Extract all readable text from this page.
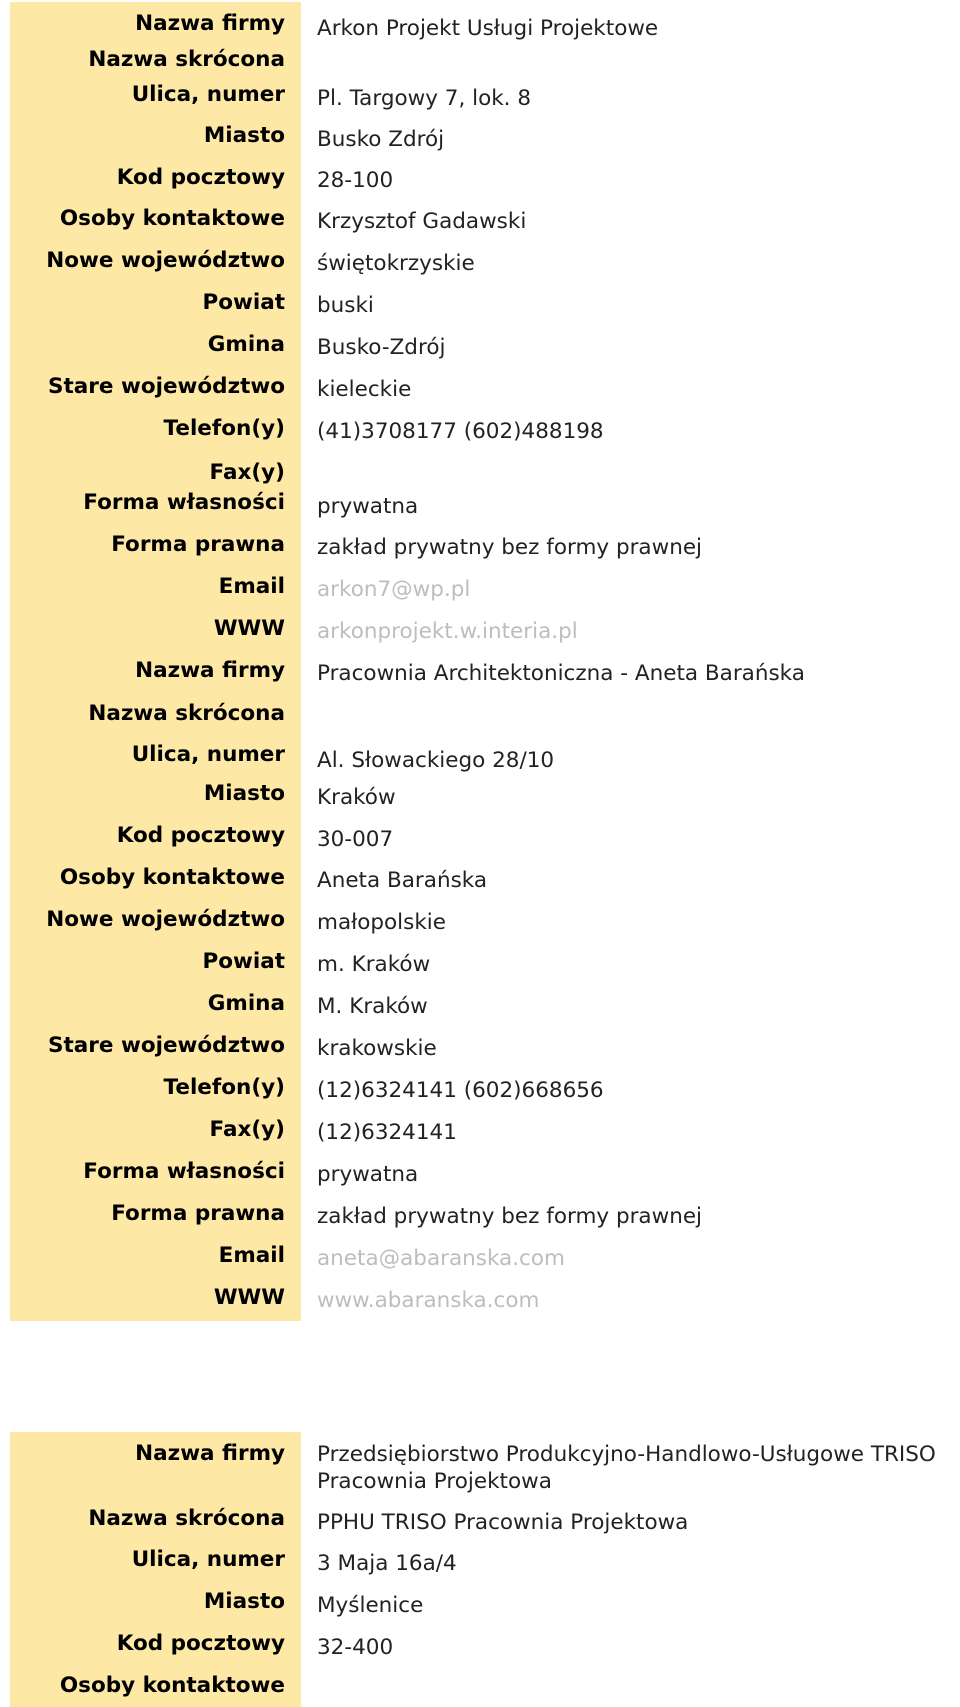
Nazwa firmy	Arkon Projekt Usługi Projektowe
Nazwa skrócona
Ulica, numer	Pl. Targowy 7, lok. 8
Miasto	Busko Zdrój
Kod pocztowy	28-100
Osoby kontaktowe	Krzysztof Gadawski
Nowe województwo	świętokrzyskie
Powiat	buski
Gmina	Busko-Zdrój
Stare województwo	kieleckie
Telefon(y)	(41)3708177 (602)488198
Fax(y)
Forma własności	prywatna
Forma prawna	zakład prywatny bez formy prawnej
Email	arkon7@wp.pl
WWW	arkonprojekt.w.interia.pl
Nazwa firmy	Pracownia Architektoniczna - Aneta Barańska
Nazwa skrócona
Ulica, numer	Al. Słowackiego 28/10
Miasto	Kraków
Kod pocztowy	30-007
Osoby kontaktowe	Aneta Barańska
Nowe województwo	małopolskie
Powiat	m. Kraków
Gmina	M. Kraków
Stare województwo	krakowskie
Telefon(y)	(12)6324141 (602)668656
Fax(y)	(12)6324141
Forma własności	prywatna
Forma prawna	zakład prywatny bez formy prawnej
Email	aneta@abaranska.com
WWW	www.abaranska.com
Nazwa firmy	Przedsiębiorstwo Produkcyjno-Handlowo-Usługowe TRISO Pracownia Projektowa
Nazwa skrócona	PPHU TRISO Pracownia Projektowa
Ulica, numer	3 Maja 16a/4
Miasto	Myślenice
Kod pocztowy	32-400
Osoby kontaktowe
